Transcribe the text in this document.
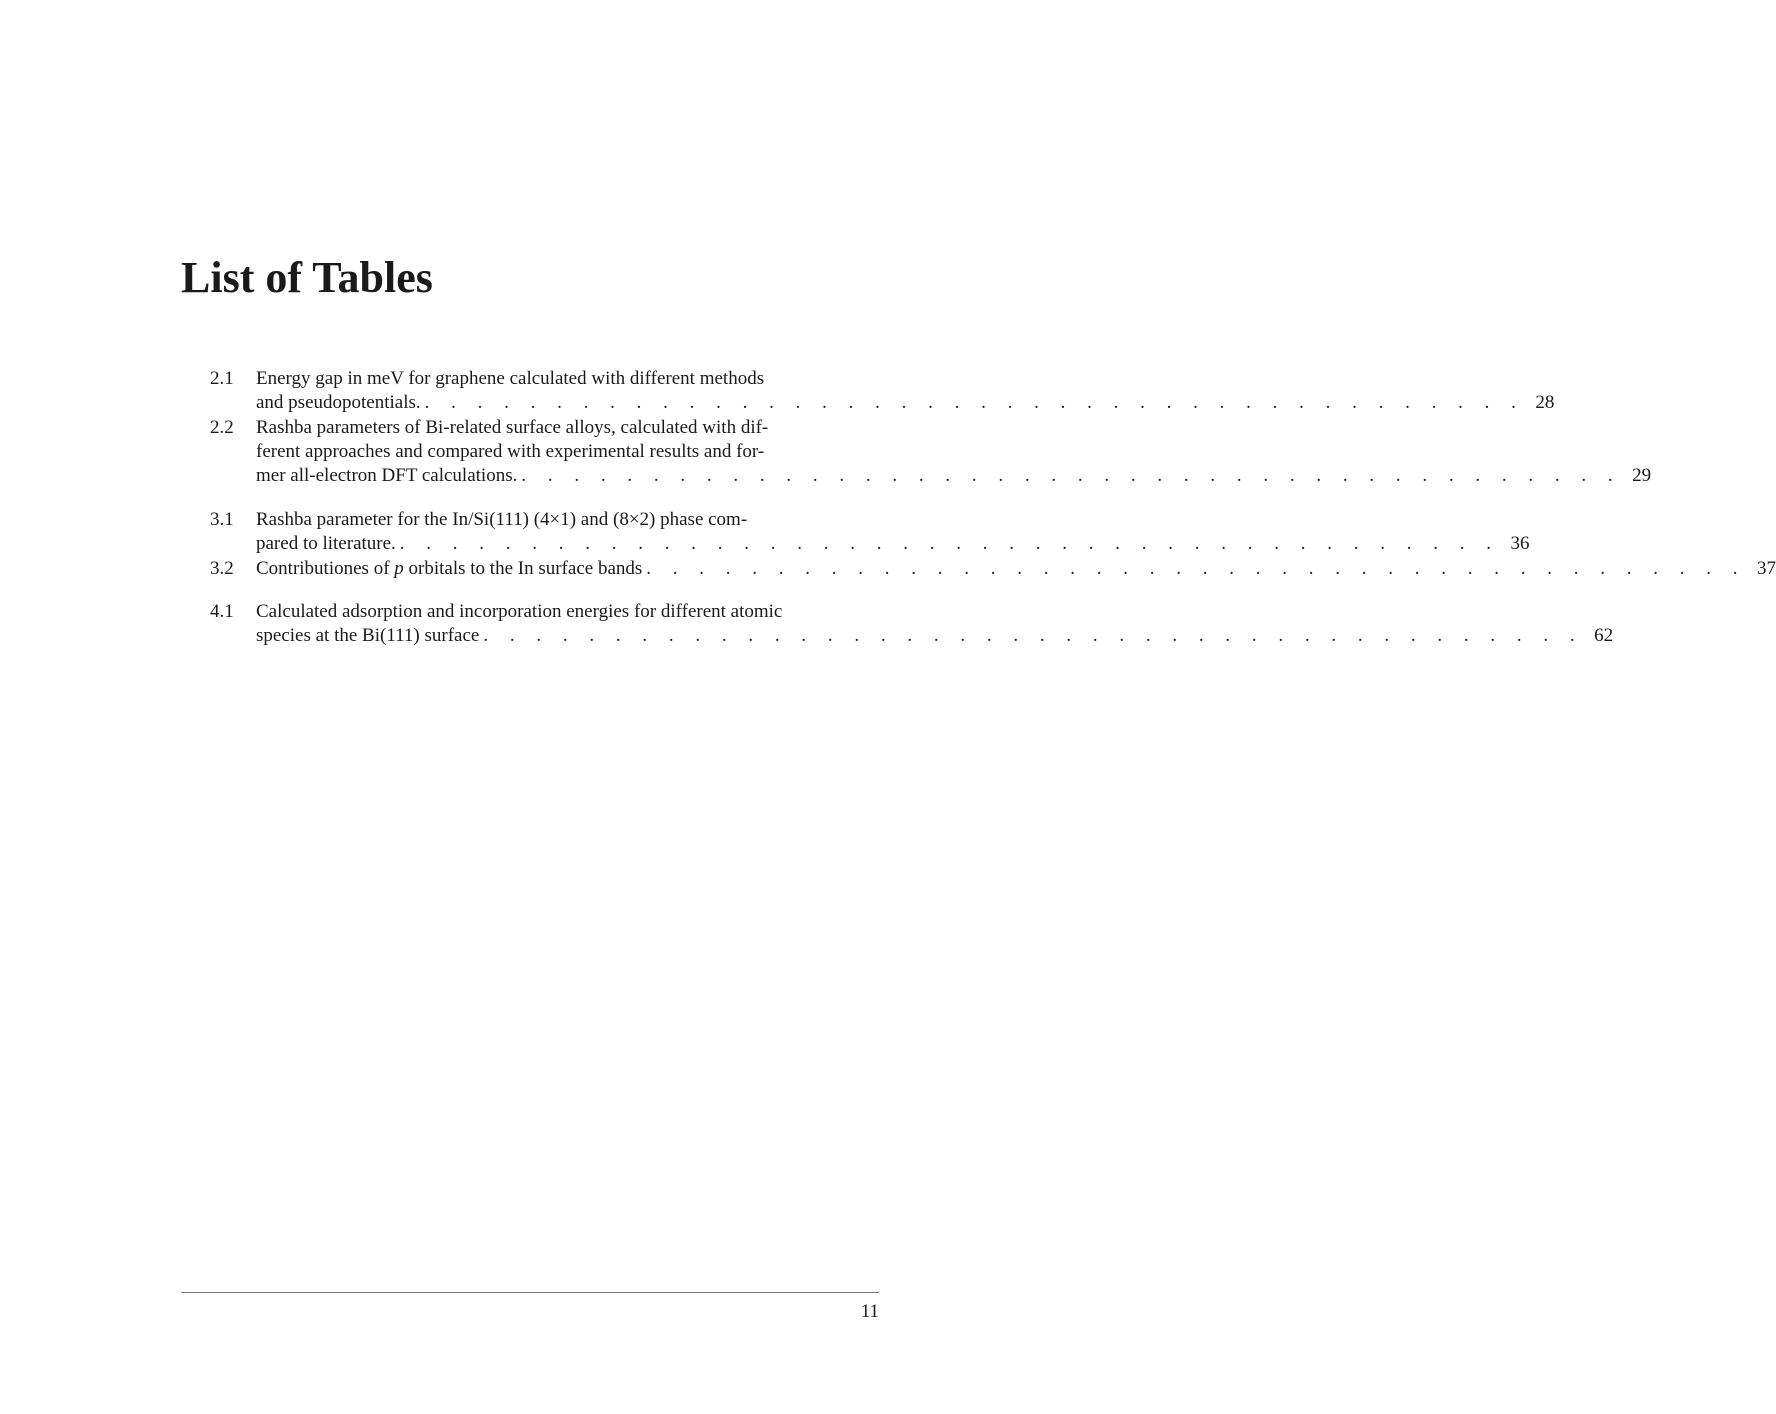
List of Tables
2.1 Energy gap in meV for graphene calculated with different methods
and pseudopotentials. . . . . . . . . . . . . . . . . . . . . . . . . . . . . . . . . . . . . . . . . . . 28
2.2 Rashba parameters of Bi-related surface alloys, calculated with dif-
ferent approaches and compared with experimental results and for-
mer all-electron DFT calculations. . . . . . . . . . . . . . . . . . . . . . . . . . . . . . . . . . . . . . . . . . . 29
3.1 Rashba parameter for the In/Si(111) (4×1) and (8×2) phase com-
pared to literature. . . . . . . . . . . . . . . . . . . . . . . . . . . . . . . . . . . . . . . . . . . 36
3.2 Contributiones of p orbitals to the In surface bands . . . . . . . . . . . . . . . . . . . . . . . . . . . . . . . . . . . . . . . . . . 37
4.1 Calculated adsorption and incorporation energies for different atomic
species at the Bi(111) surface . . . . . . . . . . . . . . . . . . . . . . . . . . . . . . . . . . . . . . . . . . 62
11
